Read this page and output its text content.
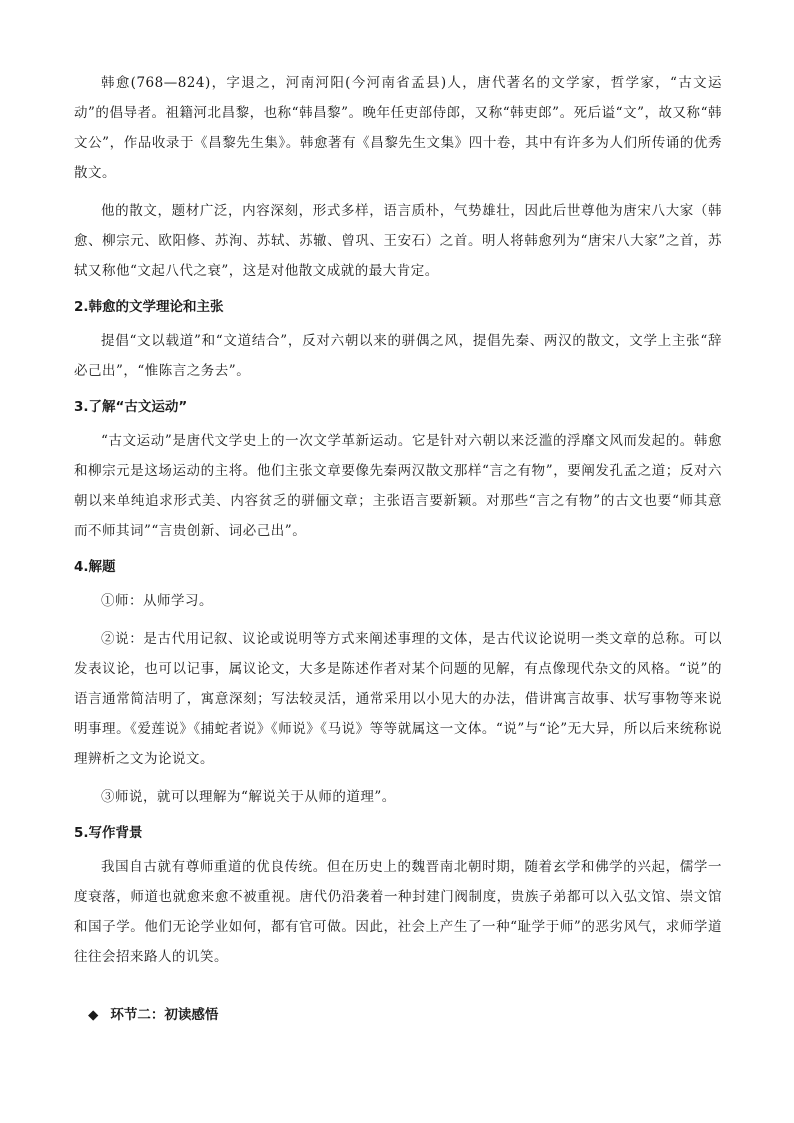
韩愈(768—824)，字退之，河南河阳(今河南省孟县)人，唐代著名的文学家，哲学家，“古文运动”的倡导者。祖籍河北昌黎，也称“韩昌黎”。晚年任吏部侍郎，又称“韩吏郎”。死后谥“文”，故又称“韩文公”，作品收录于《昌黎先生集》。韩愈著有《昌黎先生文集》四十卷，其中有许多为人们所传诵的优秀散文。

他的散文，题材广泛，内容深刻，形式多样，语言质朴，气势雄壮，因此后世尊他为唐宋八大家（韩愈、柳宗元、欧阳修、苏洵、苏轼、苏辙、曾巩、王安石）之首。明人将韩愈列为“唐宋八大家”之首，苏轼又称他“文起八代之衰”，这是对他散文成就的最大肯定。

2.韩愈的文学理论和主张

提倡“文以载道”和“文道结合”，反对六朝以来的骈偶之风，提倡先秦、两汉的散文，文学上主张“辞必己出”，“惟陈言之务去”。

3.了解“古文运动”

“古文运动”是唐代文学史上的一次文学革新运动。它是针对六朝以来泛滥的浮靡文风而发起的。韩愈和柳宗元是这场运动的主将。他们主张文章要像先秦两汉散文那样“言之有物”，要阐发孔孟之道；反对六朝以来单纯追求形式美、内容贫乏的骈俪文章；主张语言要新颖。对那些“言之有物”的古文也要“师其意而不师其词”“言贵创新、词必己出”。

4.解题

①师：从师学习。

②说：是古代用记叙、议论或说明等方式来阐述事理的文体，是古代议论说明一类文章的总称。可以发表议论，也可以记事，属议论文，大多是陈述作者对某个问题的见解，有点像现代杂文的风格。“说”的语言通常简洁明了，寓意深刻；写法较灵活，通常采用以小见大的办法，借讲寓言故事、状写事物等来说明事理。《爱莲说》《捕蛇者说》《师说》《马说》等等就属这一文体。“说”与“论”无大异，所以后来统称说理辨析之文为论说文。

③师说，就可以理解为“解说关于从师的道理”。

5.写作背景

我国自古就有尊师重道的优良传统。但在历史上的魏晋南北朝时期，随着玄学和佛学的兴起，儒学一度衰落，师道也就愈来愈不被重视。唐代仍沿袭着一种封建门阀制度，贵族子弟都可以入弘文馆、崇文馆和国子学。他们无论学业如何，都有官可做。因此，社会上产生了一种“耻学于师”的恶劣风气，求师学道往往会招来路人的讥笑。

◆ 环节二：初读感悟
